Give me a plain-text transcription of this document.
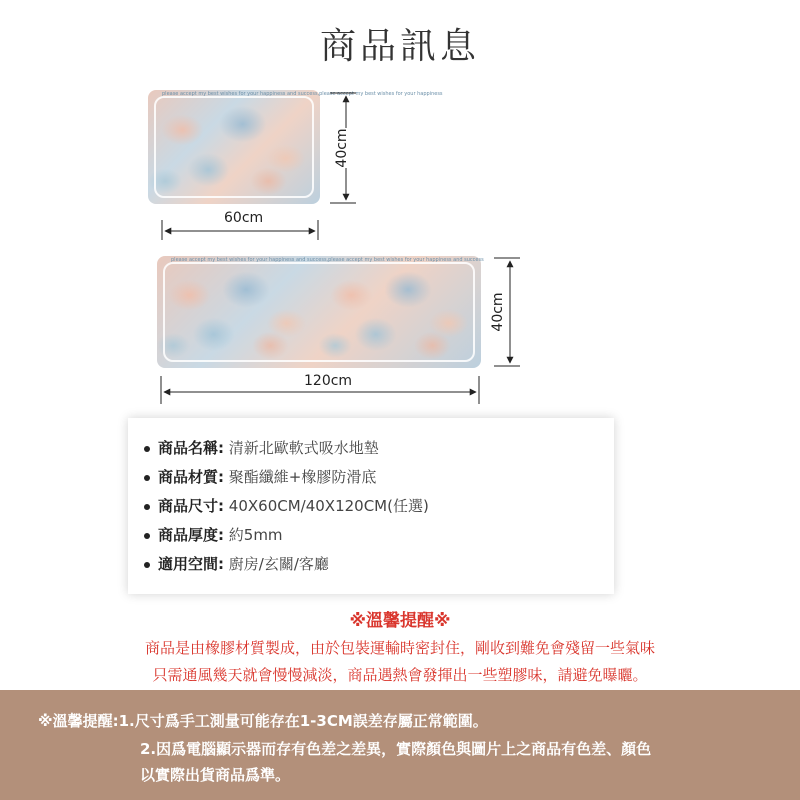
商品訊息
please accept my best wishes for your happiness and success,please accept my best wishes for your happiness
please accept my best wishes for your happiness and success,please accept my best wishes for your happiness and success
60cm
40cm
120cm
40cm
商品名稱: 清新北歐軟式吸水地墊
商品材質: 聚酯纖維+橡膠防滑底
商品尺寸: 40X60CM/40X120CM(任選)
商品厚度: 約5mm
適用空間: 廚房/玄關/客廳
※溫馨提醒※
商品是由橡膠材質製成，由於包裝運輸時密封住，剛收到難免會殘留一些氣味
只需通風幾天就會慢慢減淡，商品遇熱會發揮出一些塑膠味，請避免曝曬。
※溫馨提醒:1.尺寸爲手工測量可能存在1-3CM誤差存屬正常範圍。
2.因爲電腦顯示器而存有色差之差異，實際顏色與圖片上之商品有色差、顏色
以實際出貨商品爲準。
